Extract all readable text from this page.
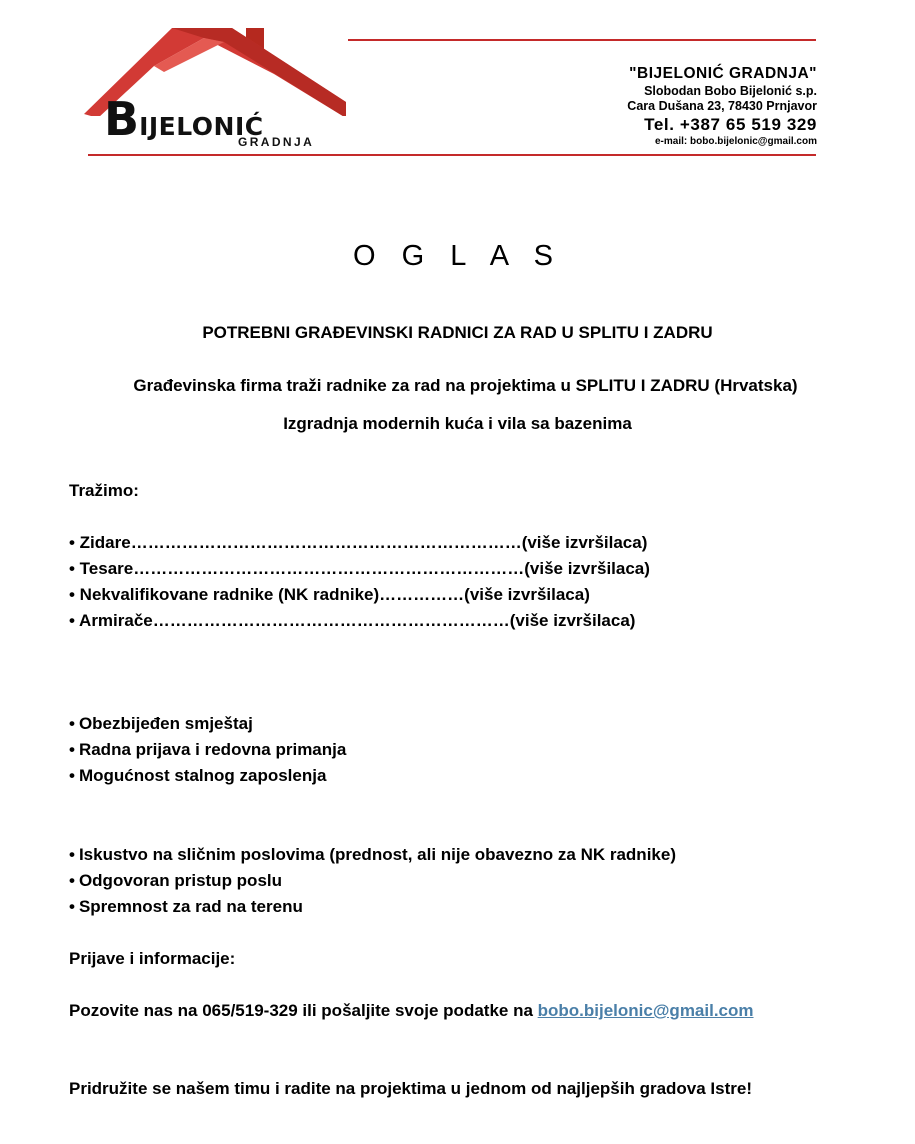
BIJELONIĆ
GRADNJA
"BIJELONIĆ GRADNJA"
Slobodan Bobo Bijelonić s.p.
Cara Dušana 23, 78430 Prnjavor
Tel. +387 65 519 329
e-mail: bobo.bijelonic@gmail.com
O G L A S
POTREBNI GRAĐEVINSKI RADNICI ZA RAD U SPLITU I ZADRU
Građevinska firma traži radnike za rad na projektima u SPLITU I ZADRU (Hrvatska)
Izgradnja modernih kuća i vila sa bazenima
Tražimo:
• Zidare……………………………………………………………(više izvršilaca)
• Tesare……………………………………………………………(više izvršilaca)
• Nekvalifikovane radnike (NK radnike)……………(više izvršilaca)
• Armirače………………………………………………………(više izvršilaca)
• Obezbijeđen smještaj
• Radna prijava i redovna primanja
• Mogućnost stalnog zaposlenja
• Iskustvo na sličnim poslovima (prednost, ali nije obavezno za NK radnike)
• Odgovoran pristup poslu
• Spremnost za rad na terenu
Prijave i informacije:
Pozovite nas na 065/519-329 ili pošaljite svoje podatke na bobo.bijelonic@gmail.com
Pridružite se našem timu i radite na projektima u jednom od najljepših gradova Istre!
